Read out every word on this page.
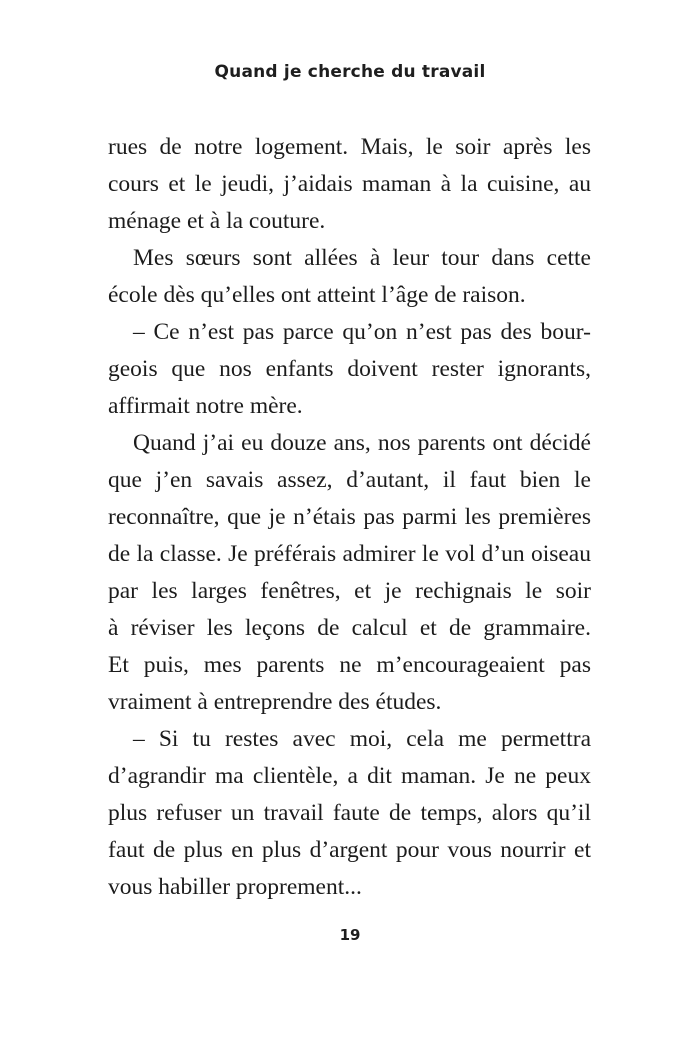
Quand je cherche du travail
rues de notre logement. Mais, le soir après les
cours et le jeudi, j’aidais maman à la cuisine, au
ménage et à la couture.
Mes sœurs sont allées à leur tour dans cette
école dès qu’elles ont atteint l’âge de raison.
– Ce n’est pas parce qu’on n’est pas des bour-
geois que nos enfants doivent rester ignorants,
affirmait notre mère.
Quand j’ai eu douze ans, nos parents ont décidé
que j’en savais assez, d’autant, il faut bien le
reconnaître, que je n’étais pas parmi les premières
de la classe. Je préférais admirer le vol d’un oiseau
par les larges fenêtres, et je rechignais le soir
à réviser les leçons de calcul et de grammaire.
Et puis, mes parents ne m’encourageaient pas
vraiment à entreprendre des études.
– Si tu restes avec moi, cela me permettra
d’agrandir ma clientèle, a dit maman. Je ne peux
plus refuser un travail faute de temps, alors qu’il
faut de plus en plus d’argent pour vous nourrir et
vous habiller proprement...
19
